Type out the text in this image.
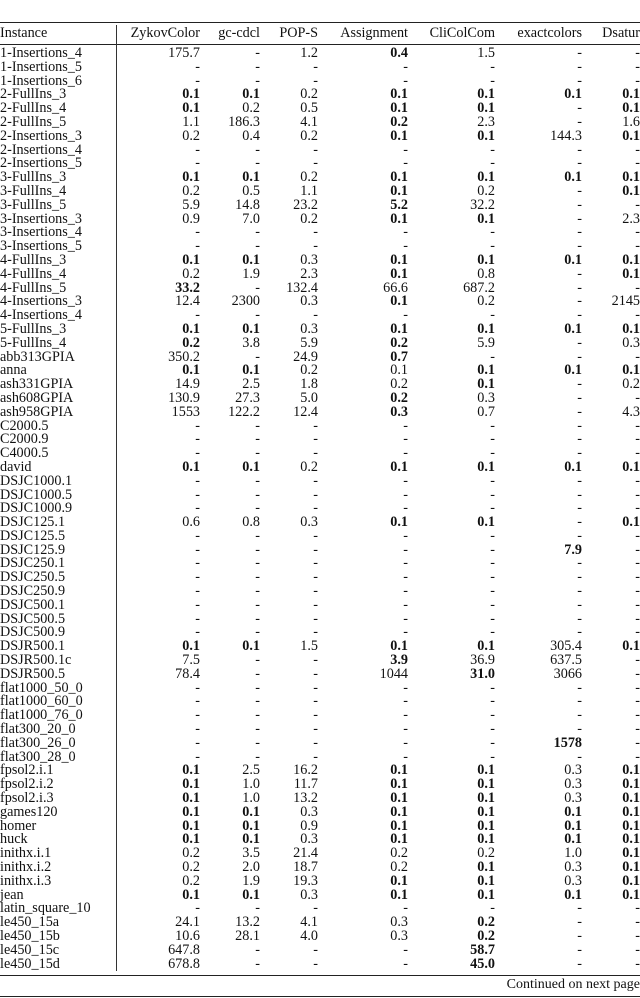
Instance	ZykovColor	gc-cdcl	POP-S	Assignment	CliColCom	exactcolors	Dsatur
1-Insertions_4	175.7	-	1.2	0.4	1.5	-	-
1-Insertions_5	-	-	-	-	-	-	-
1-Insertions_6	-	-	-	-	-	-	-
2-FullIns_3	0.1	0.1	0.2	0.1	0.1	0.1	0.1
2-FullIns_4	0.1	0.2	0.5	0.1	0.1	-	0.1
2-FullIns_5	1.1	186.3	4.1	0.2	2.3	-	1.6
2-Insertions_3	0.2	0.4	0.2	0.1	0.1	144.3	0.1
2-Insertions_4	-	-	-	-	-	-	-
2-Insertions_5	-	-	-	-	-	-	-
3-FullIns_3	0.1	0.1	0.2	0.1	0.1	0.1	0.1
3-FullIns_4	0.2	0.5	1.1	0.1	0.2	-	0.1
3-FullIns_5	5.9	14.8	23.2	5.2	32.2	-	-
3-Insertions_3	0.9	7.0	0.2	0.1	0.1	-	2.3
3-Insertions_4	-	-	-	-	-	-	-
3-Insertions_5	-	-	-	-	-	-	-
4-FullIns_3	0.1	0.1	0.3	0.1	0.1	0.1	0.1
4-FullIns_4	0.2	1.9	2.3	0.1	0.8	-	0.1
4-FullIns_5	33.2	-	132.4	66.6	687.2	-	-
4-Insertions_3	12.4	2300	0.3	0.1	0.2	-	2145
4-Insertions_4	-	-	-	-	-	-	-
5-FullIns_3	0.1	0.1	0.3	0.1	0.1	0.1	0.1
5-FullIns_4	0.2	3.8	5.9	0.2	5.9	-	0.3
abb313GPIA	350.2	-	24.9	0.7	-	-	-
anna	0.1	0.1	0.2	0.1	0.1	0.1	0.1
ash331GPIA	14.9	2.5	1.8	0.2	0.1	-	0.2
ash608GPIA	130.9	27.3	5.0	0.2	0.3	-	-
ash958GPIA	1553	122.2	12.4	0.3	0.7	-	4.3
C2000.5	-	-	-	-	-	-	-
C2000.9	-	-	-	-	-	-	-
C4000.5	-	-	-	-	-	-	-
david	0.1	0.1	0.2	0.1	0.1	0.1	0.1
DSJC1000.1	-	-	-	-	-	-	-
DSJC1000.5	-	-	-	-	-	-	-
DSJC1000.9	-	-	-	-	-	-	-
DSJC125.1	0.6	0.8	0.3	0.1	0.1	-	0.1
DSJC125.5	-	-	-	-	-	-	-
DSJC125.9	-	-	-	-	-	7.9	-
DSJC250.1	-	-	-	-	-	-	-
DSJC250.5	-	-	-	-	-	-	-
DSJC250.9	-	-	-	-	-	-	-
DSJC500.1	-	-	-	-	-	-	-
DSJC500.5	-	-	-	-	-	-	-
DSJC500.9	-	-	-	-	-	-	-
DSJR500.1	0.1	0.1	1.5	0.1	0.1	305.4	0.1
DSJR500.1c	7.5	-	-	3.9	36.9	637.5	-
DSJR500.5	78.4	-	-	1044	31.0	3066	-
flat1000_50_0	-	-	-	-	-	-	-
flat1000_60_0	-	-	-	-	-	-	-
flat1000_76_0	-	-	-	-	-	-	-
flat300_20_0	-	-	-	-	-	-	-
flat300_26_0	-	-	-	-	-	1578	-
flat300_28_0	-	-	-	-	-	-	-
fpsol2.i.1	0.1	2.5	16.2	0.1	0.1	0.3	0.1
fpsol2.i.2	0.1	1.0	11.7	0.1	0.1	0.3	0.1
fpsol2.i.3	0.1	1.0	13.2	0.1	0.1	0.3	0.1
games120	0.1	0.1	0.3	0.1	0.1	0.1	0.1
homer	0.1	0.1	0.9	0.1	0.1	0.1	0.1
huck	0.1	0.1	0.3	0.1	0.1	0.1	0.1
inithx.i.1	0.2	3.5	21.4	0.2	0.2	1.0	0.1
inithx.i.2	0.2	2.0	18.7	0.2	0.1	0.3	0.1
inithx.i.3	0.2	1.9	19.3	0.1	0.1	0.3	0.1
jean	0.1	0.1	0.3	0.1	0.1	0.1	0.1
latin_square_10	-	-	-	-	-	-	-
le450_15a	24.1	13.2	4.1	0.3	0.2	-	-
le450_15b	10.6	28.1	4.0	0.3	0.2	-	-
le450_15c	647.8	-	-	-	58.7	-	-
le450_15d	678.8	-	-	-	45.0	-	-
Continued on next page
